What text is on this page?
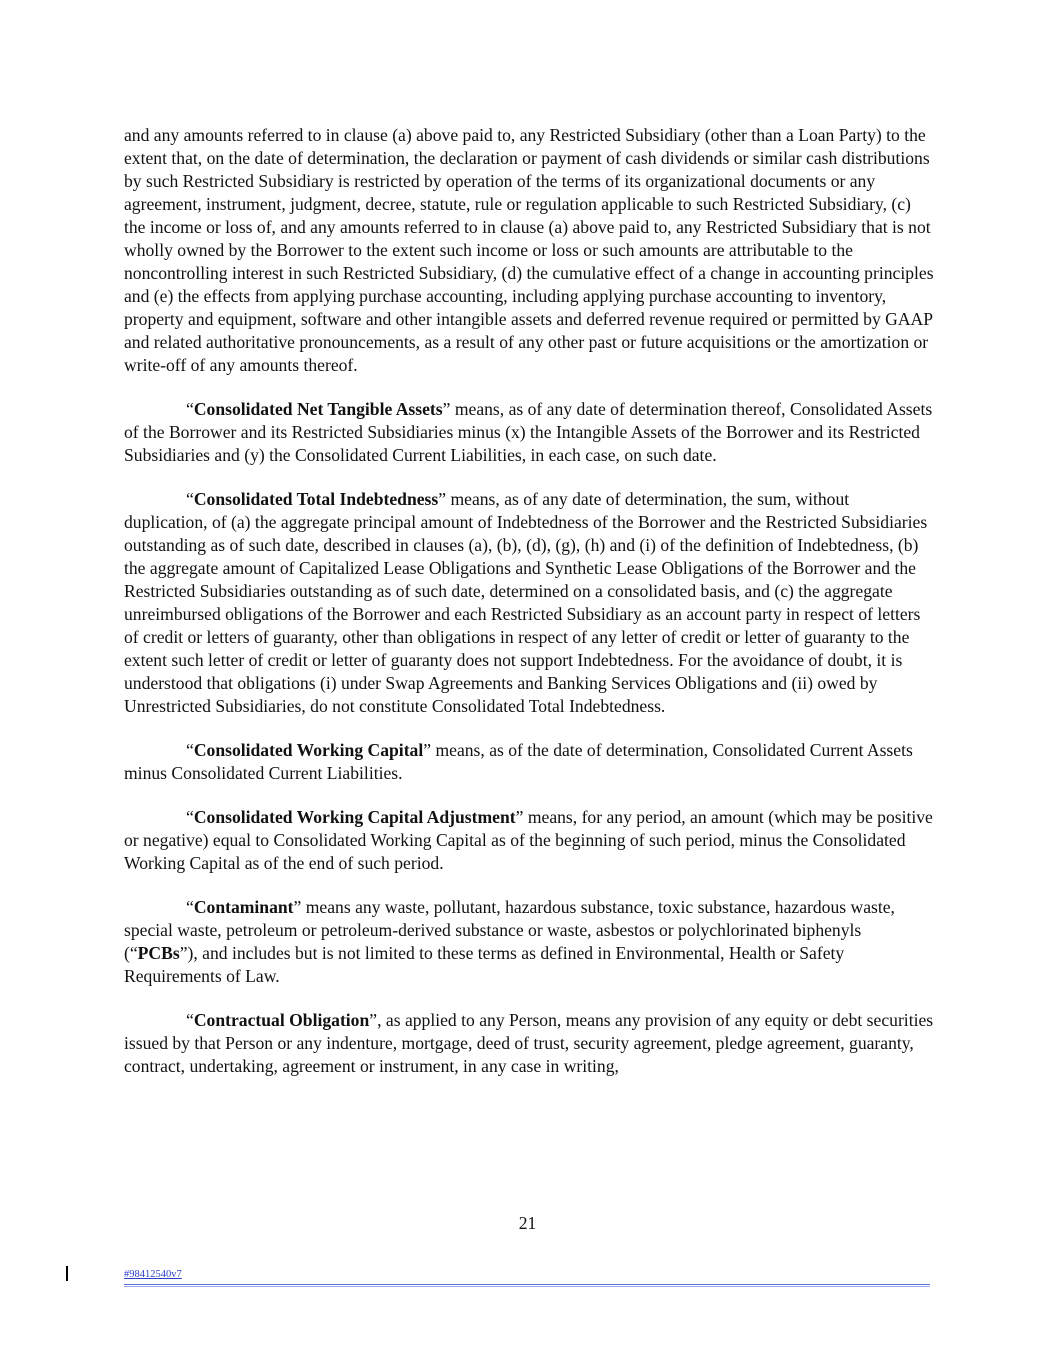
and any amounts referred to in clause (a) above paid to, any Restricted Subsidiary (other than a Loan Party) to the extent that, on the date of determination, the declaration or payment of cash dividends or similar cash distributions by such Restricted Subsidiary is restricted by operation of the terms of its organizational documents or any agreement, instrument, judgment, decree, statute, rule or regulation applicable to such Restricted Subsidiary, (c) the income or loss of, and any amounts referred to in clause (a) above paid to, any Restricted Subsidiary that is not wholly owned by the Borrower to the extent such income or loss or such amounts are attributable to the noncontrolling interest in such Restricted Subsidiary, (d) the cumulative effect of a change in accounting principles and (e) the effects from applying purchase accounting, including applying purchase accounting to inventory, property and equipment, software and other intangible assets and deferred revenue required or permitted by GAAP and related authoritative pronouncements, as a result of any other past or future acquisitions or the amortization or write-off of any amounts thereof.

“Consolidated Net Tangible Assets” means, as of any date of determination thereof, Consolidated Assets of the Borrower and its Restricted Subsidiaries minus (x) the Intangible Assets of the Borrower and its Restricted Subsidiaries and (y) the Consolidated Current Liabilities, in each case, on such date.

“Consolidated Total Indebtedness” means, as of any date of determination, the sum, without duplication, of (a) the aggregate principal amount of Indebtedness of the Borrower and the Restricted Subsidiaries outstanding as of such date, described in clauses (a), (b), (d), (g), (h) and (i) of the definition of Indebtedness, (b) the aggregate amount of Capitalized Lease Obligations and Synthetic Lease Obligations of the Borrower and the Restricted Subsidiaries outstanding as of such date, determined on a consolidated basis, and (c) the aggregate unreimbursed obligations of the Borrower and each Restricted Subsidiary as an account party in respect of letters of credit or letters of guaranty, other than obligations in respect of any letter of credit or letter of guaranty to the extent such letter of credit or letter of guaranty does not support Indebtedness. For the avoidance of doubt, it is understood that obligations (i) under Swap Agreements and Banking Services Obligations and (ii) owed by Unrestricted Subsidiaries, do not constitute Consolidated Total Indebtedness.

“Consolidated Working Capital” means, as of the date of determination, Consolidated Current Assets minus Consolidated Current Liabilities.

“Consolidated Working Capital Adjustment” means, for any period, an amount (which may be positive or negative) equal to Consolidated Working Capital as of the beginning of such period, minus the Consolidated Working Capital as of the end of such period.

“Contaminant” means any waste, pollutant, hazardous substance, toxic substance, hazardous waste, special waste, petroleum or petroleum-derived substance or waste, asbestos or polychlorinated biphenyls (“PCBs”), and includes but is not limited to these terms as defined in Environmental, Health or Safety Requirements of Law.

“Contractual Obligation”, as applied to any Person, means any provision of any equity or debt securities issued by that Person or any indenture, mortgage, deed of trust, security agreement, pledge agreement, guaranty, contract, undertaking, agreement or instrument, in any case in writing,

21
#98412540v7
